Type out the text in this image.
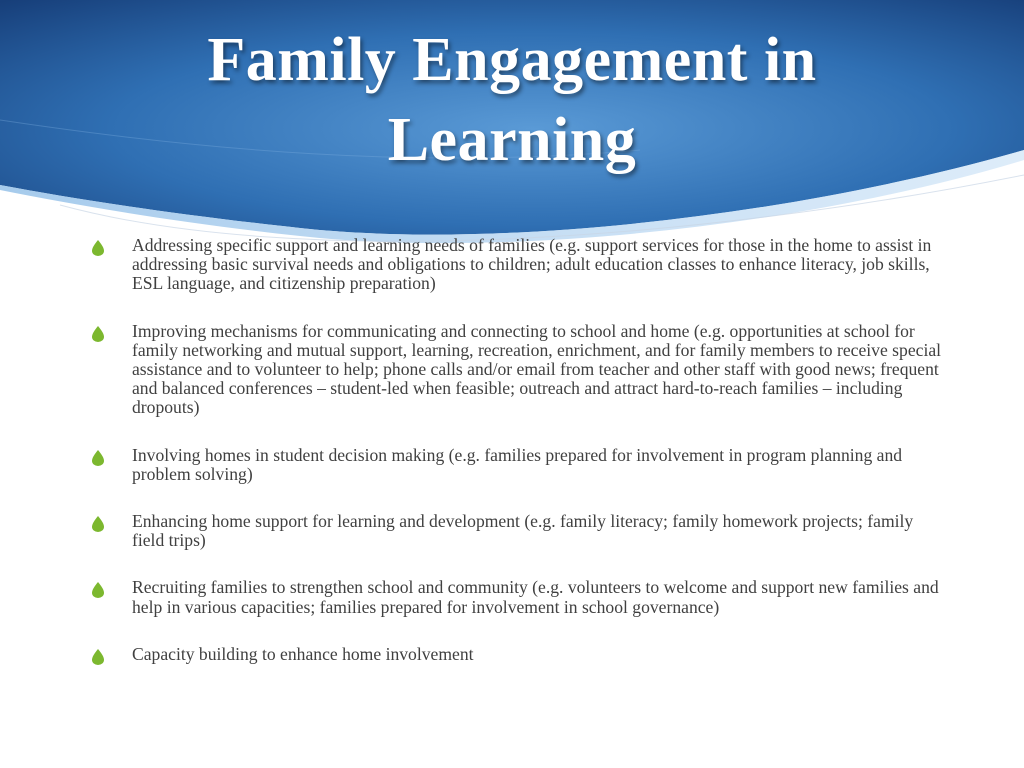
Family Engagement in Learning
Addressing specific support and learning needs of families (e.g. support services for those in the home to assist in addressing basic survival needs and obligations to children; adult education classes to enhance literacy, job skills, ESL language, and citizenship preparation)
Improving mechanisms for communicating and connecting to school and home (e.g. opportunities at school for family networking and mutual support, learning, recreation, enrichment, and for family members to receive special assistance and to volunteer to help; phone calls and/or email from teacher and other staff with good news; frequent and balanced conferences – student-led when feasible; outreach and attract hard-to-reach families – including dropouts)
Involving homes in student decision making (e.g. families prepared for involvement in program planning and problem solving)
Enhancing home support for learning and development (e.g. family literacy; family homework projects; family field trips)
Recruiting families to strengthen school and community (e.g. volunteers to welcome and support new families and help in various capacities; families prepared for involvement in school governance)
Capacity building to enhance home involvement
